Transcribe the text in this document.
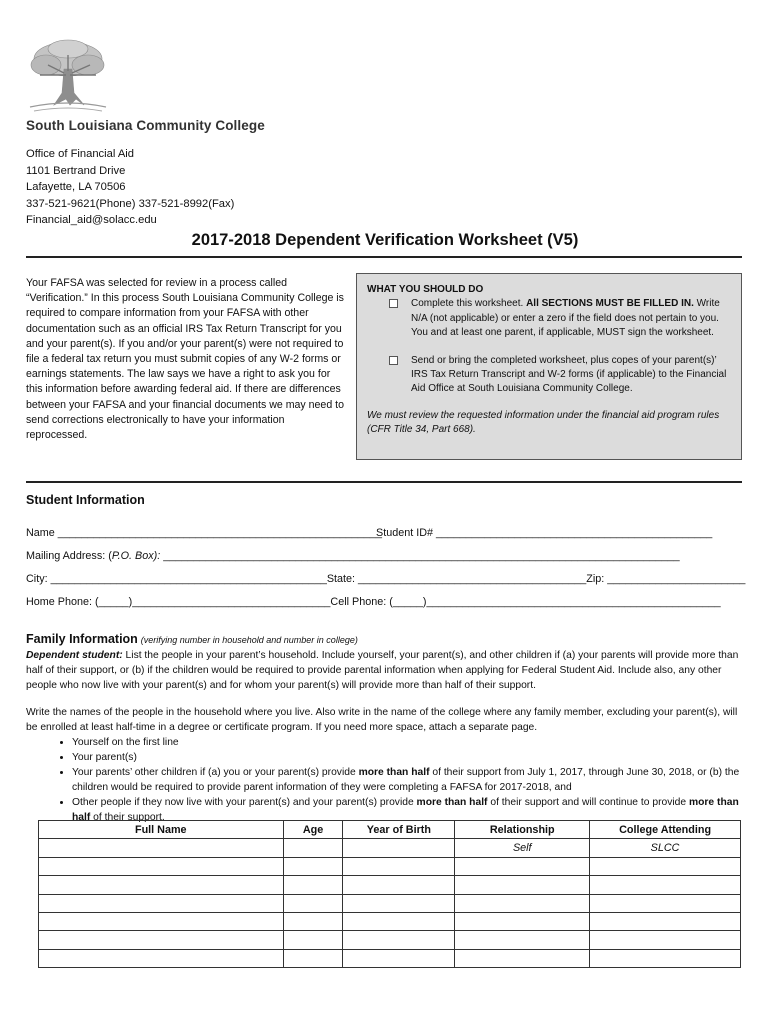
South Louisiana Community College
Office of Financial Aid
1101 Bertrand Drive
Lafayette, LA 70506
337-521-9621(Phone) 337-521-8992(Fax)
Financial_aid@solacc.edu
2017-2018 Dependent Verification Worksheet (V5)
Your FAFSA was selected for review in a process called “Verification.” In this process South Louisiana Community College is required to compare information from your FAFSA with other documentation such as an official IRS Tax Return Transcript for you and your parent(s). If you and/or your parent(s) were not required to file a federal tax return you must submit copies of any W-2 forms or earnings statements. The law says we have a right to ask you for this information before awarding federal aid. If there are differences between your FAFSA and your financial documents we may need to send corrections electronically to have your information reprocessed.
WHAT YOU SHOULD DO
Complete this worksheet. All SECTIONS MUST BE FILLED IN. Write N/A (not applicable) or enter a zero if the field does not pertain to you. You and at least one parent, if applicable, MUST sign the worksheet.
Send or bring the completed worksheet, plus copes of your parent(s)’ IRS Tax Return Transcript and W-2 forms (if applicable) to the Financial Aid Office at South Louisiana Community College.
We must review the requested information under the financial aid program rules (CFR Title 34, Part 668).
Student Information
Name ______________________________________________________
Student ID# ______________________________________________
Mailing Address: (P.O. Box): ______________________________________________________________________________________
City: ______________________________________________State: ______________________________________Zip: _______________________
Home Phone: (_____)_________________________________Cell Phone: (_____)_________________________________________________
Family Information (verifying number in household and number in college)
Dependent student: List the people in your parent’s household. Include yourself, your parent(s), and other children if (a) your parents will provide more than half of their support, or (b) if the children would be required to provide parental information when applying for Federal Student Aid. Include also, any other people who now live with your parent(s) and for whom your parent(s) will provide more than half of their support.
Write the names of the people in the household where you live. Also write in the name of the college where any family member, excluding your parent(s), will be enrolled at least half-time in a degree or certificate program. If you need more space, attach a separate page.
• Yourself on the first line
• Your parent(s)
• Your parents’ other children if (a) you or your parent(s) provide more than half of their support from July 1, 2017, through June 30, 2018, or (b) the children would be required to provide parent information of they were completing a FAFSA for 2017-2018, and
• Other people if they now live with your parent(s) and your parent(s) provide more than half of their support and will continue to provide more than half of their support.
Full Name	Age	Year of Birth	Relationship	College Attending
			Self	SLCC
